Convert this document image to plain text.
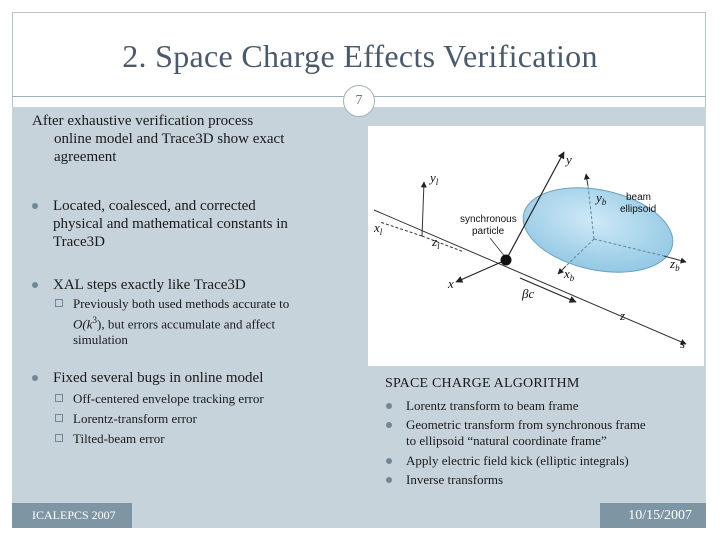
2. Space Charge Effects Verification
7
After exhaustive verification process
online model and Trace3D show exact
agreement
Located, coalesced, and corrected
physical and mathematical constants in
Trace3D
XAL steps exactly like Trace3D
Previously both used methods accurate to
$O(k^3)$, but errors accumulate and affect
simulation
Fixed several bugs in online model
Off-centered envelope tracking error
Lorentz-transform error
Tilted-beam error
y
$y_l$
$x_l$
$z_l$
$y_b$
$x_b$
$z_b$
x
z
s
βc
synchronous
particle
beam
ellipsoid
SPACE CHARGE ALGORITHM
Lorentz transform to beam frame
Geometric transform from synchronous frame
to ellipsoid “natural coordinate frame”
Apply electric field kick (elliptic integrals)
Inverse transforms
ICALEPCS 2007	10/15/2007
